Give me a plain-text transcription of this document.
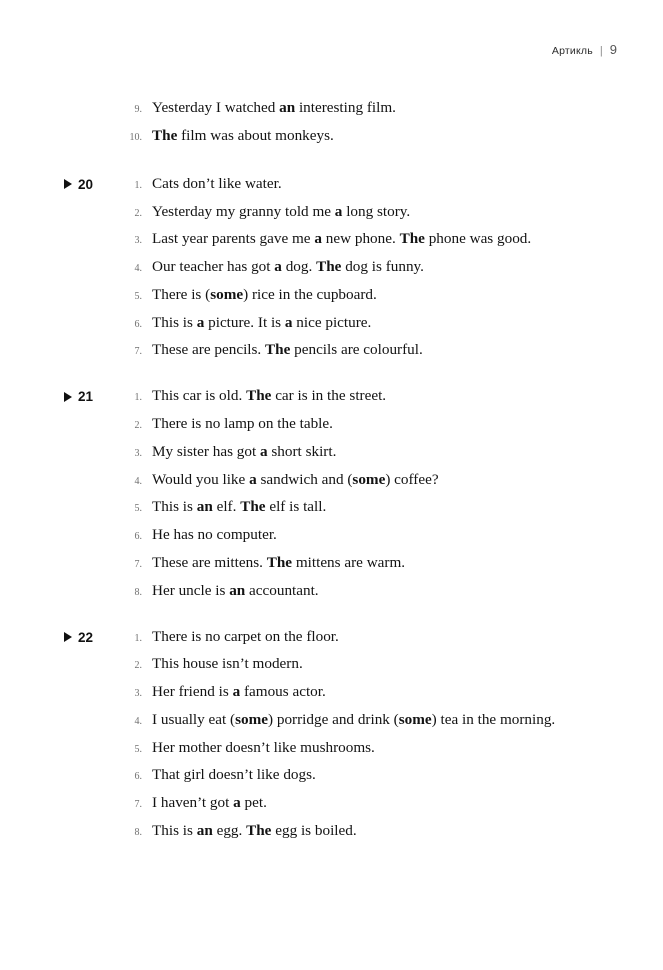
Артикль | 9
9. Yesterday I watched an interesting film.
10. The film was about monkeys.
20	1. Cats don’t like water.
2. Yesterday my granny told me a long story.
3. Last year parents gave me a new phone. The phone was good.
4. Our teacher has got a dog. The dog is funny.
5. There is (some) rice in the cupboard.
6. This is a picture. It is a nice picture.
7. These are pencils. The pencils are colourful.
21	1. This car is old. The car is in the street.
2. There is no lamp on the table.
3. My sister has got a short skirt.
4. Would you like a sandwich and (some) coffee?
5. This is an elf. The elf is tall.
6. He has no computer.
7. These are mittens. The mittens are warm.
8. Her uncle is an accountant.
22	1. There is no carpet on the floor.
2. This house isn’t modern.
3. Her friend is a famous actor.
4. I usually eat (some) porridge and drink (some) tea in the morning.
5. Her mother doesn’t like mushrooms.
6. That girl doesn’t like dogs.
7. I haven’t got a pet.
8. This is an egg. The egg is boiled.
